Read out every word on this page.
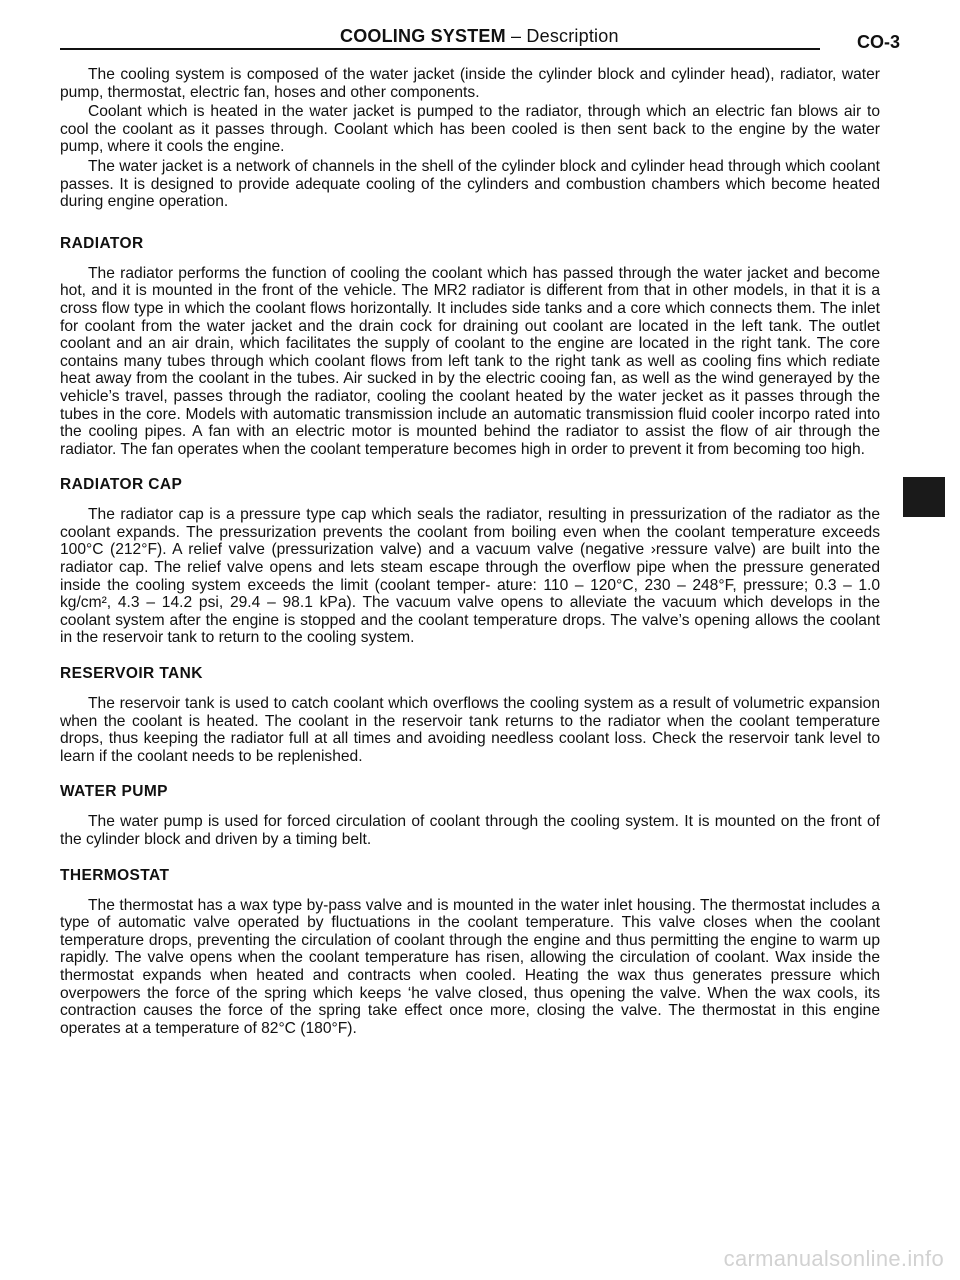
COOLING SYSTEM – Description	CO-3

The cooling system is composed of the water jacket (inside the cylinder block and cylinder head), radiator, water pump, thermostat, electric fan, hoses and other components.

Coolant which is heated in the water jacket is pumped to the radiator, through which an electric fan blows air to cool the coolant as it passes through. Coolant which has been cooled is then sent back to the engine by the water pump, where it cools the engine.

The water jacket is a network of channels in the shell of the cylinder block and cylinder head through which coolant passes. It is designed to provide adequate cooling of the cylinders and combustion chambers which become heated during engine operation.

RADIATOR

The radiator performs the function of cooling the coolant which has passed through the water jacket and become hot, and it is mounted in the front of the vehicle. The MR2 radiator is different from that in other models, in that it is a cross flow type in which the coolant flows horizontally. It includes side tanks and a core which connects them. The inlet for coolant from the water jacket and the drain cock for draining out coolant are located in the left tank. The outlet coolant and an air drain, which facilitates the supply of coolant to the engine are located in the right tank. The core contains many tubes through which coolant flows from left tank to the right tank as well as cooling fins which rediate heat away from the coolant in the tubes. Air sucked in by the electric cooing fan, as well as the wind generayed by the vehicle’s travel, passes through the radiator, cooling the coolant heated by the water jecket as it passes through the tubes in the core. Models with automatic transmission include an automatic transmission fluid cooler incorpo rated into the cooling pipes. A fan with an electric motor is mounted behind the radiator to assist the flow of air through the radiator. The fan operates when the coolant temperature becomes high in order to prevent it from becoming too high.

RADIATOR CAP

The radiator cap is a pressure type cap which seals the radiator, resulting in pressurization of the radiator as the coolant expands. The pressurization prevents the coolant from boiling even when the coolant temperature exceeds 100°C (212°F). A relief valve (pressurization valve) and a vacuum valve (negative ›ressure valve) are built into the radiator cap. The relief valve opens and lets steam escape through the overflow pipe when the pressure generated inside the cooling system exceeds the limit (coolant temper- ature: 110 – 120°C, 230 – 248°F, pressure; 0.3 – 1.0 kg/cm², 4.3 – 14.2 psi, 29.4 – 98.1 kPa). The vacuum valve opens to alleviate the vacuum which develops in the coolant system after the engine is stopped and the coolant temperature drops. The valve’s opening allows the coolant in the reservoir tank to return to the cooling system.

RESERVOIR TANK

The reservoir tank is used to catch coolant which overflows the cooling system as a result of volumetric expansion when the coolant is heated. The coolant in the reservoir tank returns to the radiator when the coolant temperature drops, thus keeping the radiator full at all times and avoiding needless coolant loss. Check the reservoir tank level to learn if the coolant needs to be replenished.

WATER PUMP

The water pump is used for forced circulation of coolant through the cooling system. It is mounted on the front of the cylinder block and driven by a timing belt.

THERMOSTAT

The thermostat has a wax type by-pass valve and is mounted in the water inlet housing. The thermostat includes a type of automatic valve operated by fluctuations in the coolant temperature. This valve closes when the coolant temperature drops, preventing the circulation of coolant through the engine and thus permitting the engine to warm up rapidly. The valve opens when the coolant temperature has risen, allowing the circulation of coolant. Wax inside the thermostat expands when heated and contracts when cooled. Heating the wax thus generates pressure which overpowers the force of the spring which keeps ‘he valve closed, thus opening the valve. When the wax cools, its contraction causes the force of the spring take effect once more, closing the valve. The thermostat in this engine operates at a temperature of 82°C (180°F).

carmanualsonline.info
